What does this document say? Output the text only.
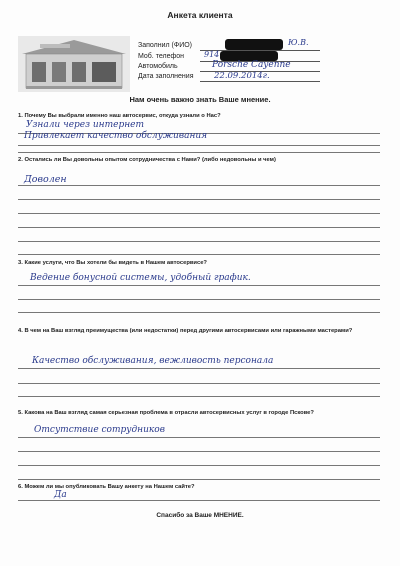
Анкета клиента
Заполнил (ФИО)	Ю.В.
Моб. телефон	914
Автомобиль	Porsche Cayenne
Дата заполнения 22.09.2014г.
Нам очень важно знать Ваше мнение.
1. Почему Вы выбрали именно наш автосервис, откуда узнали о Нас?
Узнали через интернет
Привлекает качество обслуживания
2. Остались ли Вы довольны опытом сотрудничества с Нами? (либо недовольны и чем)
Доволен
3. Какие услуги, что Вы хотели бы видеть в Нашем автосервисе?
Ведение бонусной системы, удобный график.
4. В чем на Ваш взгляд преимущества (или недостатки) перед другими автосервисами или гаражными мастерами?
Качество обслуживания, вежливость персонала
5. Какова на Ваш взгляд самая серьезная проблема в отрасли автосервисных услуг в городе Пскове?
Отсутствие сотрудников
6. Можем ли мы опубликовать Вашу анкету на Нашем сайте?
Да
Спасибо за Ваше МНЕНИЕ.
